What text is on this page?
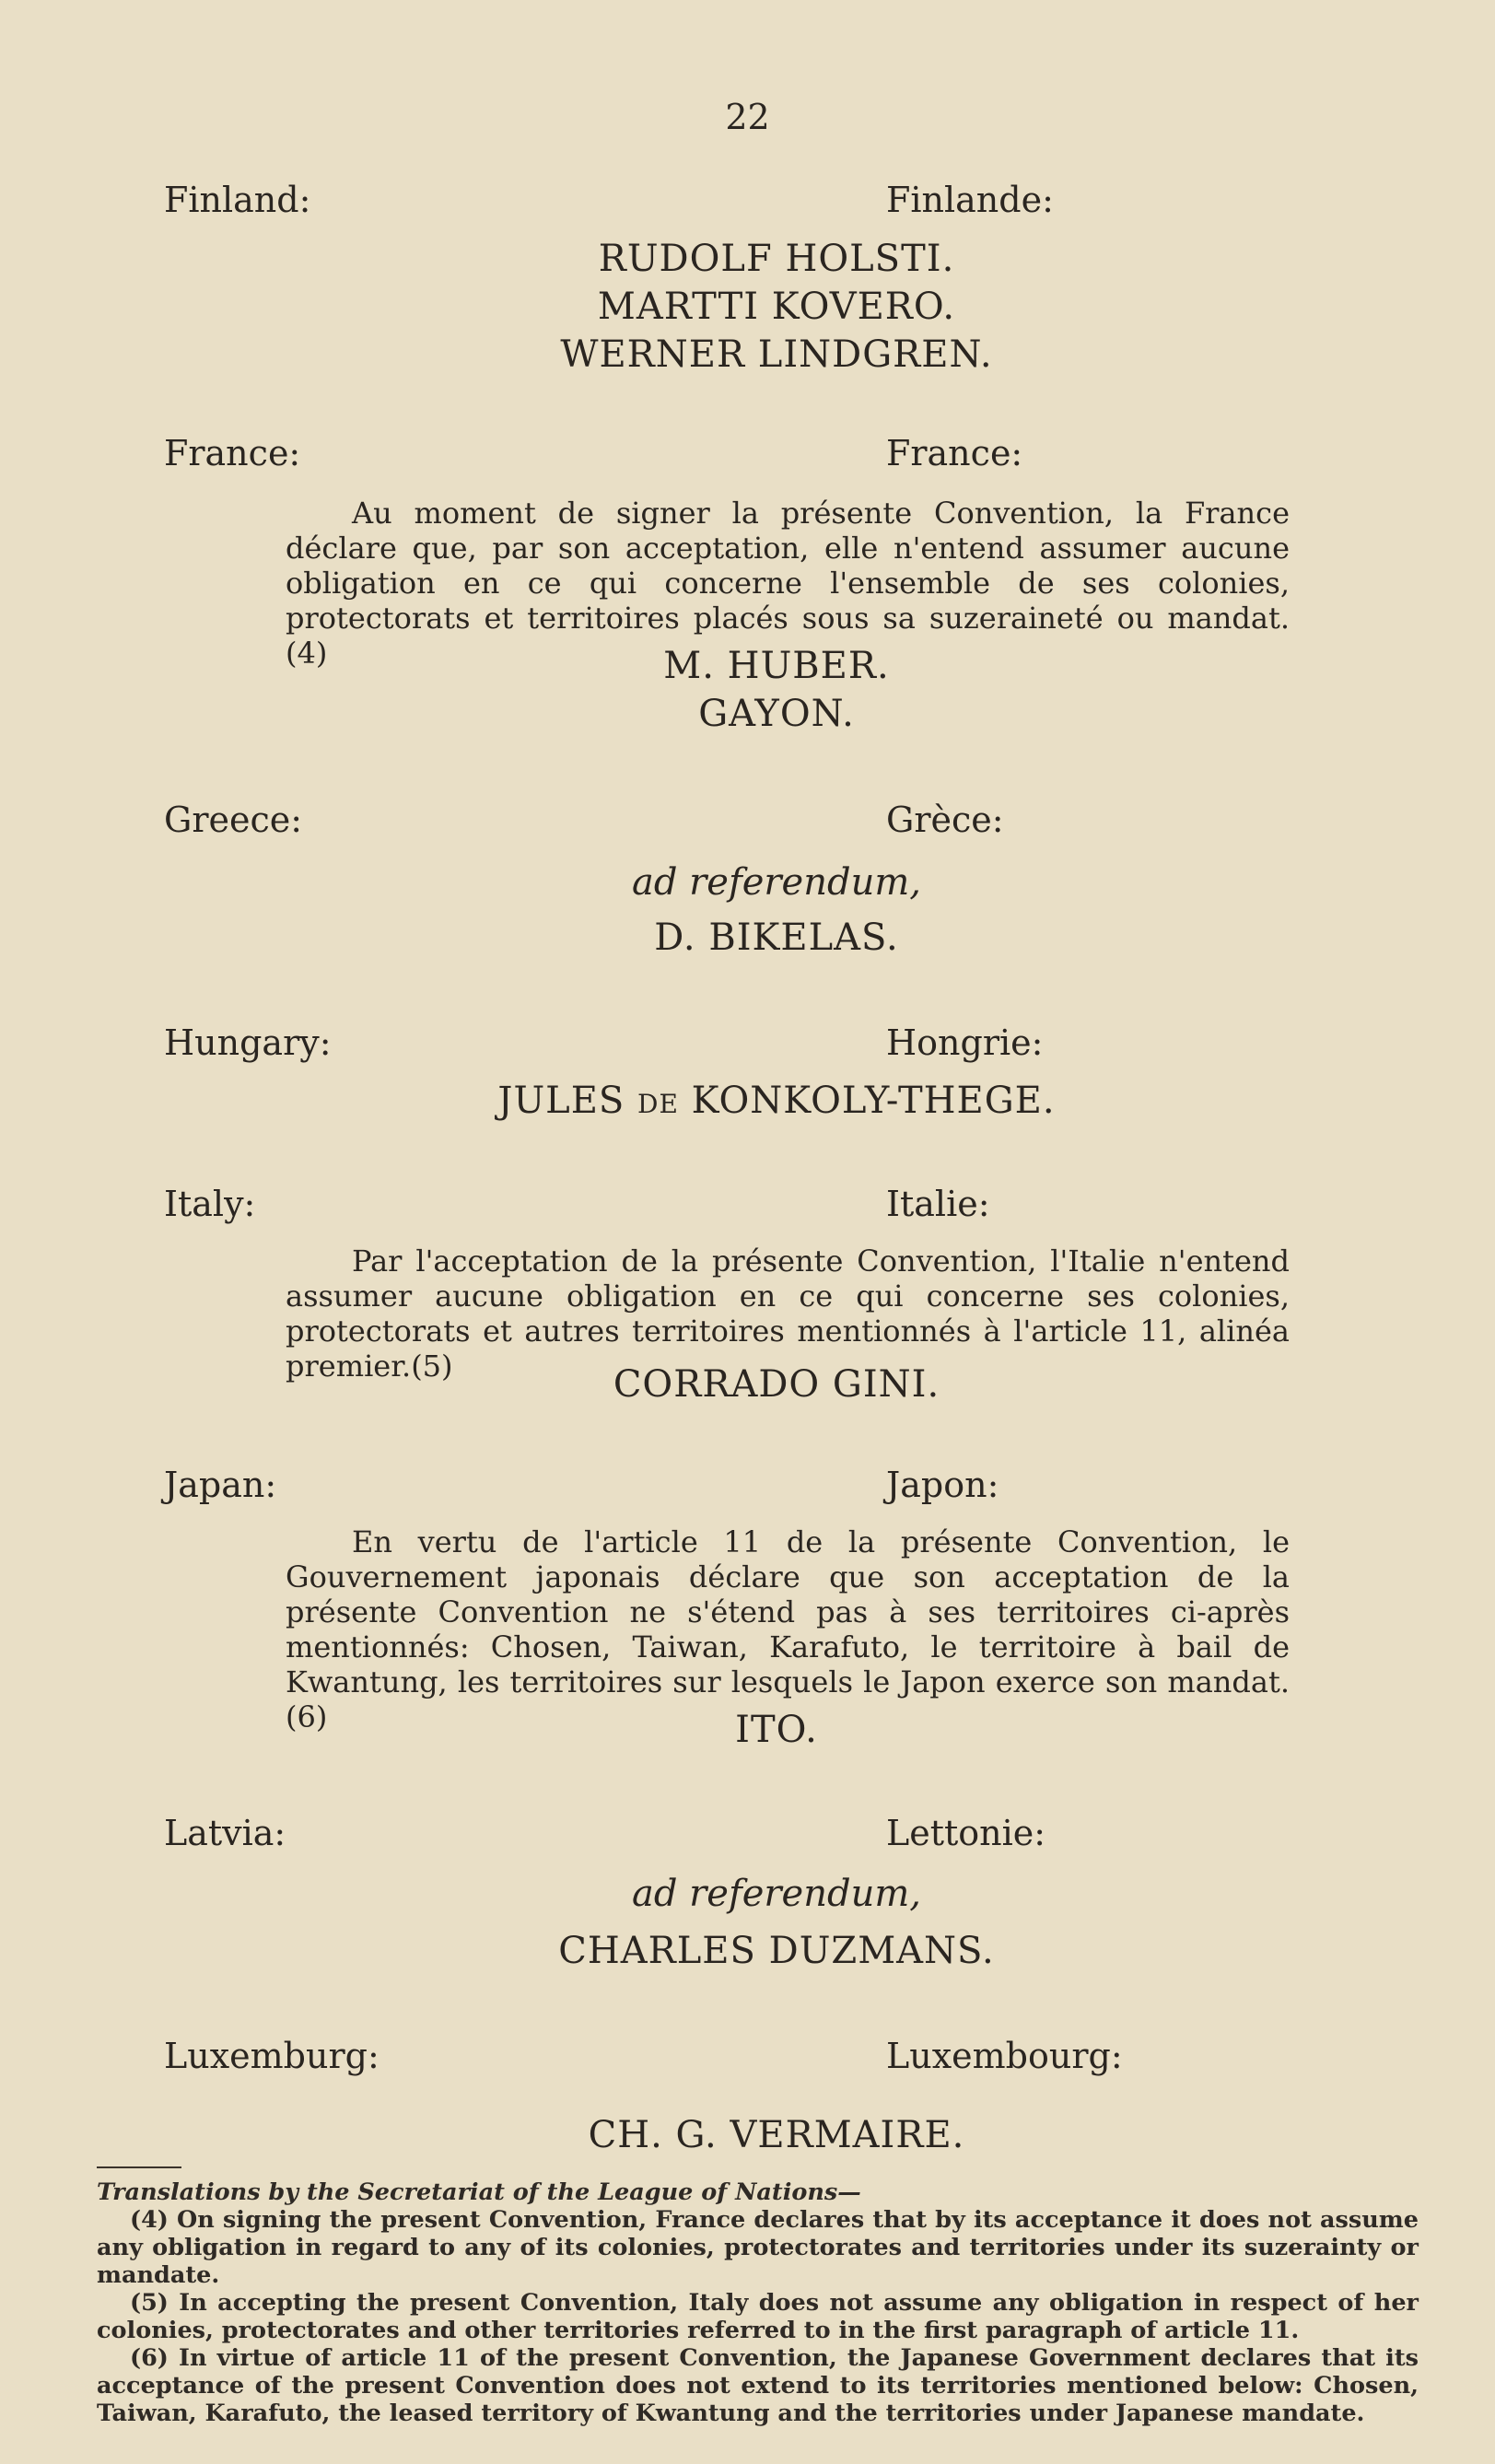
22
Finland:	Finlande:
RUDOLF HOLSTI.
MARTTI KOVERO.
WERNER LINDGREN.
France:	France:

Au moment de signer la présente Convention, la France déclare que, par son acceptation, elle n'entend assumer aucune obligation en ce qui concerne l'ensemble de ses colonies, protectorats et territoires placés sous sa suzeraineté ou mandat.(4)	M. HUBER.
GAYON.
Greece:	Grèce:
ad referendum,
D. BIKELAS.
Hungary:	Hongrie:
JULES DE KONKOLY-THEGE.
Italy:	Italie:

Par l'acceptation de la présente Convention, l'Italie n'entend assumer aucune obligation en ce qui concerne ses colonies, protectorats et autres territoires mentionnés à l'article 11, alinéa premier.(5)	CORRADO GINI.
Japan:	Japon:

En vertu de l'article 11 de la présente Convention, le Gouvernement japonais déclare que son acceptation de la présente Convention ne s'étend pas à ses territoires ci-après mentionnés: Chosen, Taiwan, Karafuto, le territoire à bail de Kwantung, les territoires sur lesquels le Japon exerce son mandat.(6)	ITO.
Latvia:	Lettonie:
ad referendum,
CHARLES DUZMANS.
Luxemburg:	Luxembourg:
CH. G. VERMAIRE.

Translations by the Secretariat of the League of Nations—

(4) On signing the present Convention, France declares that by its acceptance it does not assume any obligation in regard to any of its colonies, protectorates and territories under its suzerainty or mandate.

(5) In accepting the present Convention, Italy does not assume any obligation in respect of her colonies, protectorates and other territories referred to in the first paragraph of article 11.

(6) In virtue of article 11 of the present Convention, the Japanese Government declares that its acceptance of the present Convention does not extend to its territories mentioned below: Chosen, Taiwan, Karafuto, the leased territory of Kwantung and the territories under Japanese mandate.
